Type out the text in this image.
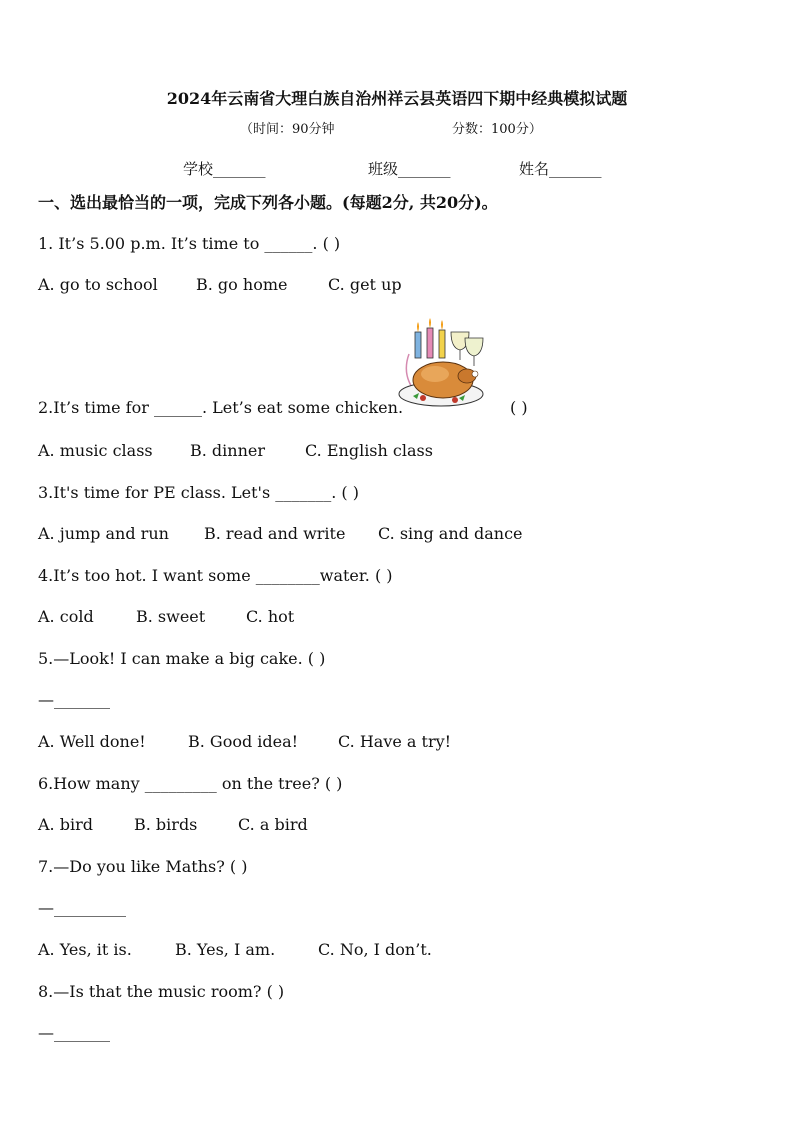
2024年云南省大理白族自治州祥云县英语四下期中经典模拟试题
（时间：90分钟	分数：100分）
学校_______	班级_______	姓名_______
一、选出最恰当的一项，完成下列各小题。(每题2分, 共20分)。
1. It’s 5.00 p.m. It’s time to ______. ( )
A. go to school B. go home	C. get up
2.It’s time for ______. Let’s eat some chicken.	( )
A. music class B. dinner C. English class
3.It's time for PE class. Let's _______. ( )
A. jump and run B. read and write C. sing and dance
4.It’s too hot. I want some ________water. ( )
A. cold	B. sweet	C. hot
5.—Look! I can make a big cake. ( )
—_______
A. Well done!	B. Good idea! C. Have a try!
6.How many _________ on the tree? ( )
A. bird	B. birds	C. a bird
7.—Do you like Maths? ( )
—_________
A. Yes, it is.	B. Yes, I am.	C. No, I don’t.
8.—Is that the music room? ( )
—_______
